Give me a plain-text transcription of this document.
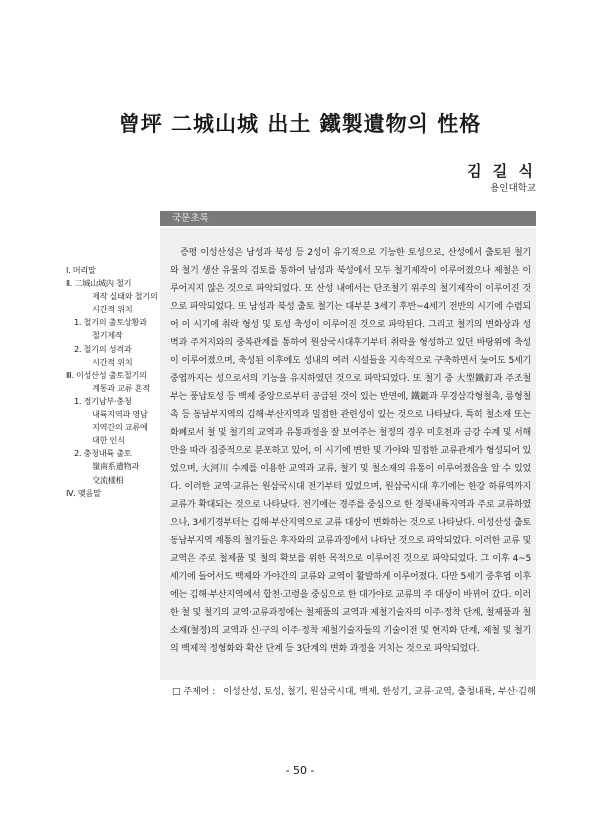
曾坪 二城山城 出土 鐵製遺物의 性格
김 길 식
용인대학교

Ⅰ. 머리말

Ⅱ. 二城山城內 철기

제작 실태와 철기의

시간적 위치

1. 철기의 출토상황과

철기제작

2. 철기의 성격과

시간적 위치

Ⅲ. 이성산성 출토철기의

계통과 교류 흔적

1. 경기남부·충청

내륙지역과 영남

지역간의 교류에

대한 인식

2. 충청내륙 출토

嶺南系遺物과

交流樣相

Ⅳ. 맺음말

국문초록

증평 이성산성은 남성과 북성 등 2성이 유기적으로 기능한 토성으로, 산성에서 출토된 철기와 철기 생산 유물의 검토를 통하여 남성과 북성에서 모두 철기제작이 이루어졌으나 제철은 이루어지지 않은 것으로 파악되었다. 또 산성 내에서는 단조철기 위주의 철기제작이 이루어진 것으로 파악되었다. 또 남성과 북성 출토 철기는 대부분 3세기 후반~4세기 전반의 시기에 수렴되어 이 시기에 취락 형성 및 토성 축성이 이루어진 것으로 파악된다. 그리고 철기의 변화상과 성벽과 주거지와의 중복관계를 통하여 원삼국시대후기부터 취락을 형성하고 있던 바탕위에 축성이 이루어졌으며, 축성된 이후에도 성내의 여러 시설들을 지속적으로 구축하면서 늦어도 5세기 중엽까지는 성으로서의 기능을 유지하였던 것으로 파악되었다. 또 철기 중 大型鐵釘과 주조철부는 풍납토성 등 백제 중앙으로부터 공급된 것이 있는 반면에, 鐵鋌과 무경삼각형철촉, 릉형철촉 등 동남부지역의 김해·부산지역과 밀접한 관련성이 있는 것으로 나타났다. 특히 철소재 또는 화폐로서 철 및 철기의 교역과 유통과정을 잘 보여주는 철정의 경우 미호천과 금강 수계 및 서해안을 따라 집중적으로 분포하고 있어, 이 시기에 변한 및 가야와 밀접한 교류관계가 형성되어 있었으며, 大河川 수계를 이용한 교역과 교류, 철기 및 철소재의 유통이 이루어졌음을 알 수 있었다. 이러한 교역·교류는 원삼국시대 전기부터 있었으며, 원삼국시대 후기에는 한강 하류역까지 교류가 확대되는 것으로 나타났다. 전기에는 경주를 중심으로 한 경북내륙지역과 주로 교류하였으나, 3세기경부터는 김해·부산지역으로 교류 대상이 변화하는 것으로 나타났다. 이성산성 출토 동남부지역 계통의 철기들은 후자와의 교류과정에서 나타난 것으로 파악되었다. 이러한 교류 및 교역은 주로 철제품 및 철의 확보를 위한 목적으로 이루어진 것으로 파악되었다. 그 이후 4~5세기에 들어서도 백제와 가야간의 교류와 교역이 활발하게 이루어졌다. 다만 5세기 중후엽 이후에는 김해·부산지역에서 합천·고령을 중심으로 한 대가야로 교류의 주 대상이 바뀌어 갔다. 이러한 철 및 철기의 교역·교류과정에는 철제품의 교역과 제철기술자의 이주·정착 단계, 철제품과 철소재(철정)의 교역과 신·구의 이주·정착 제철기술자들의 기술이전 및 현지화 단계, 제철 및 철기의 백제적 정형화와 확산 단계 등 3단계의 변화 과정을 거치는 것으로 파악되었다.

□ 주제어 : 이성산성, 토성, 철기, 원삼국시대, 백제, 한성기, 교류·교역, 출청내륙, 부산·김해
- 50 -
